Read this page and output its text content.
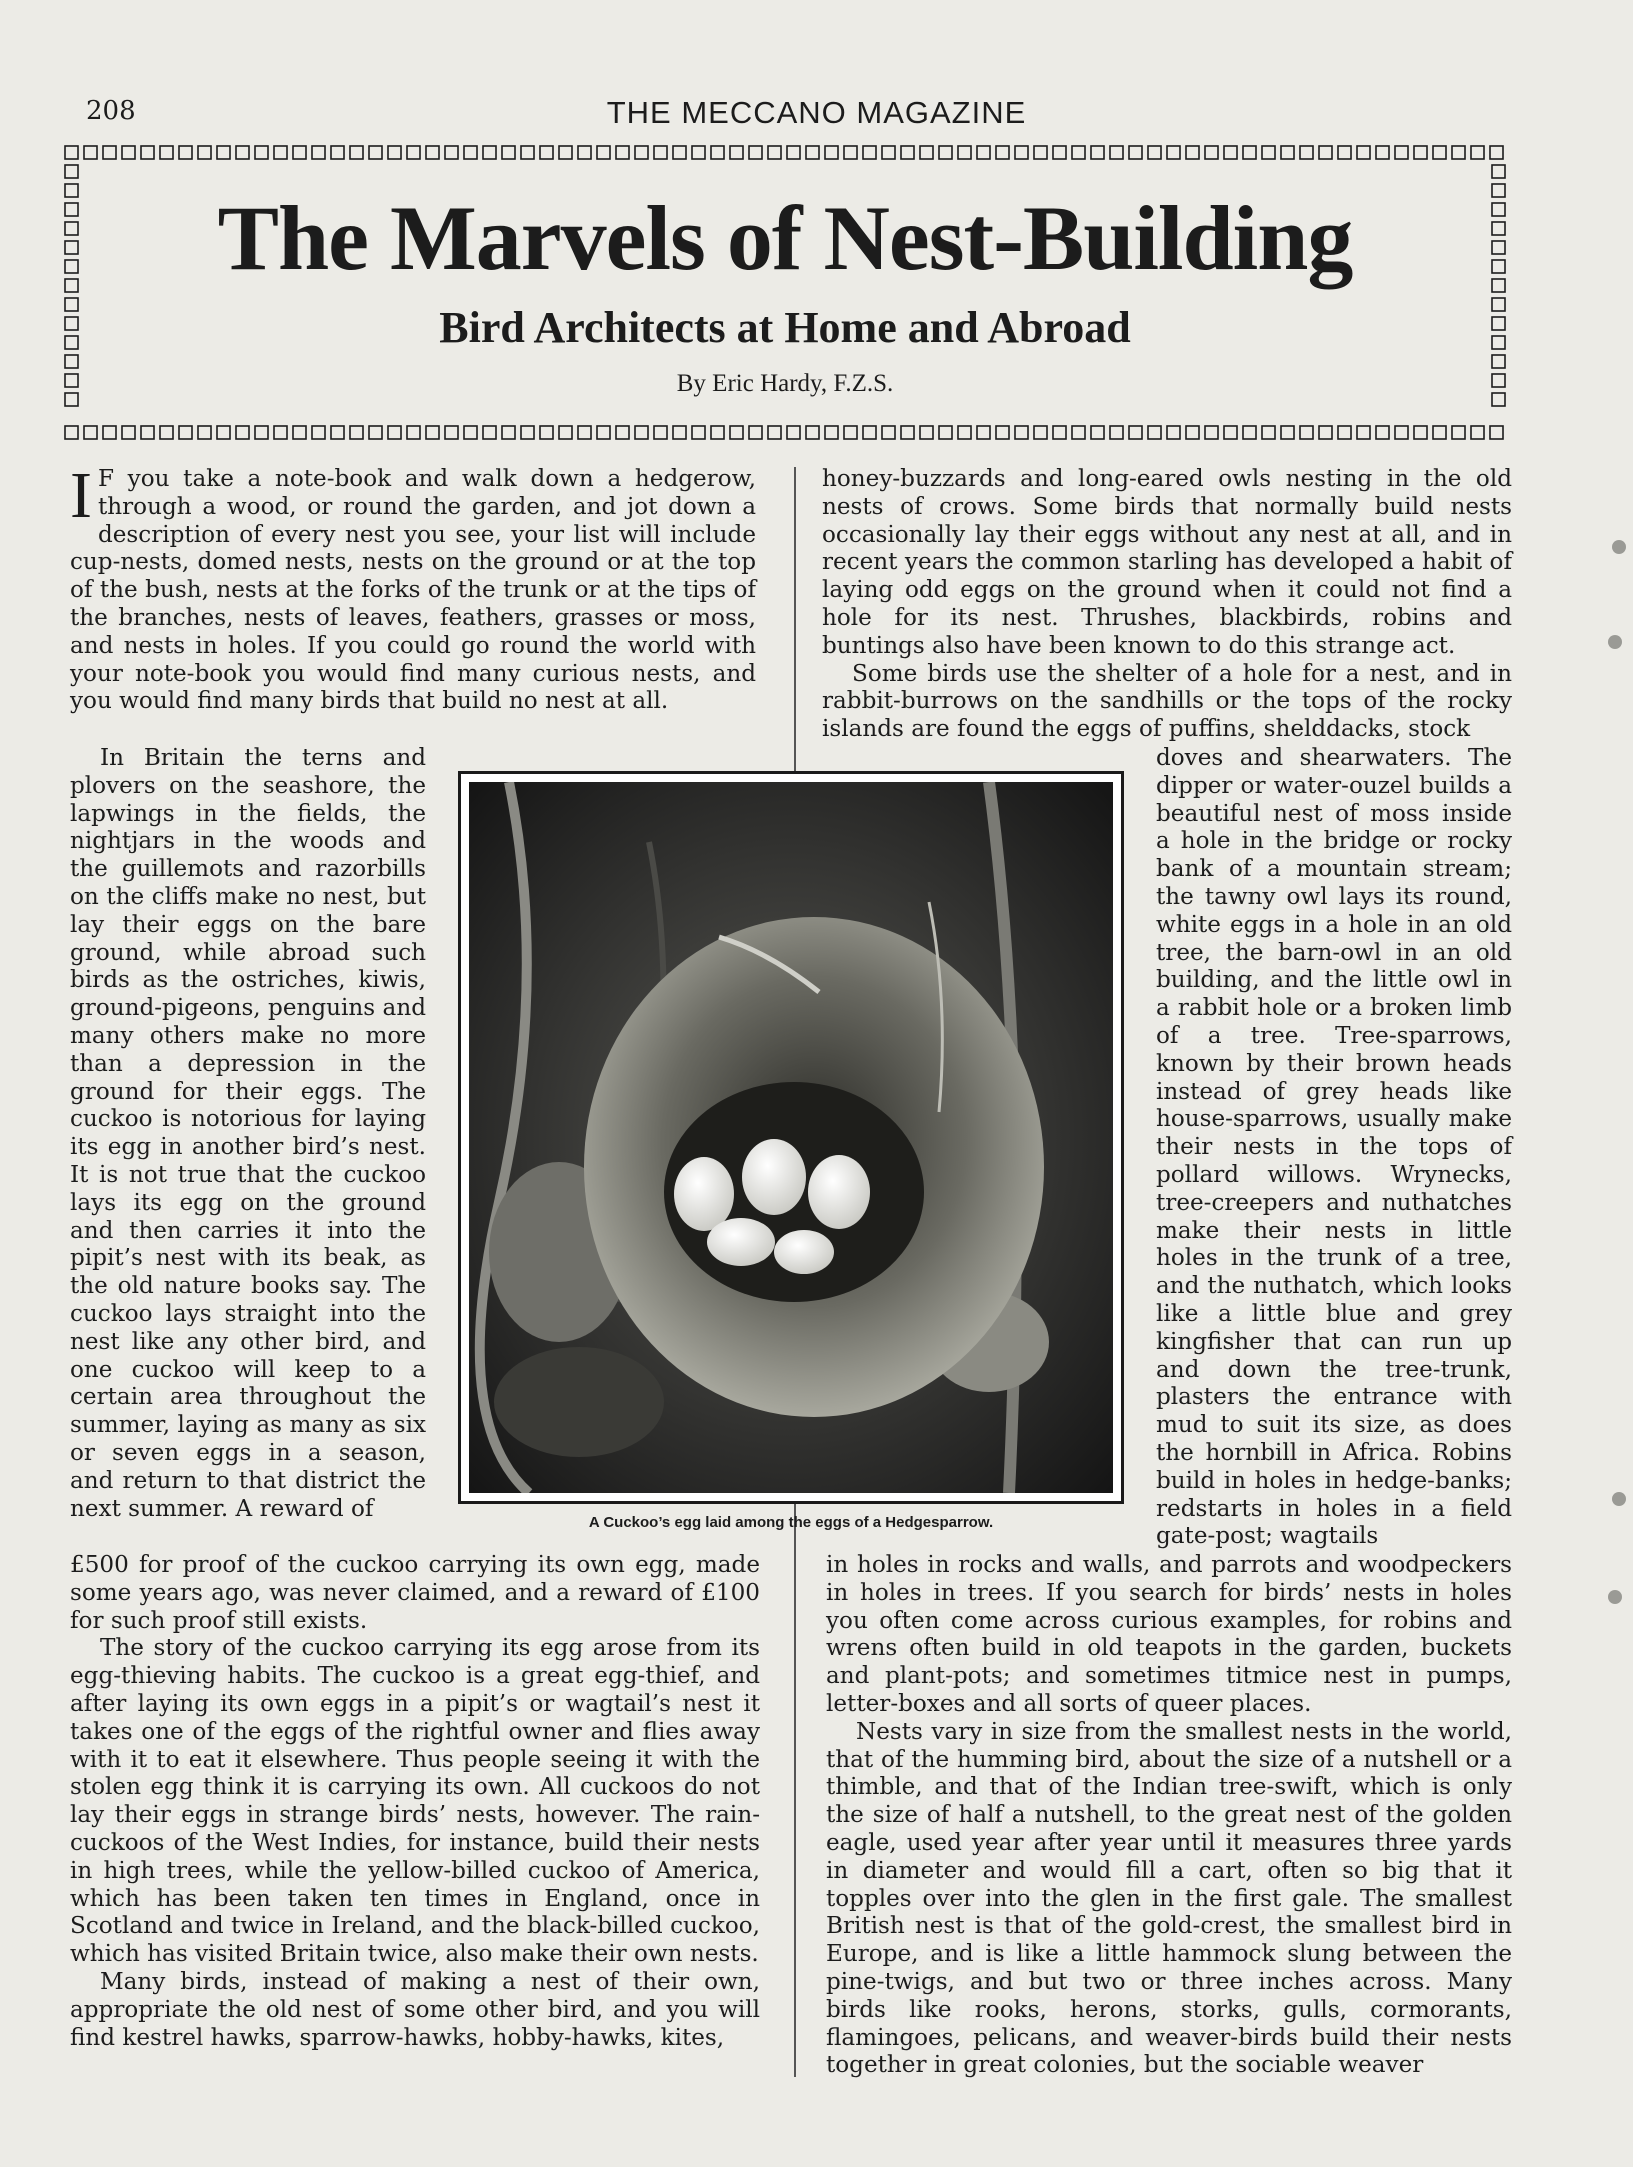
208	THE MECCANO MAGAZINE
The Marvels of Nest-Building
Bird Architects at Home and Abroad
By Eric Hardy, F.Z.S.

I F you take a note-book and walk down a hedgerow, through a wood, or round the garden, and jot down a description of every nest you see, your list will include cup-nests, domed nests, nests on the ground or at the top of the bush, nests at the forks of the trunk or at the tips of the branches, nests of leaves, feathers, grasses or moss, and nests in holes. If you could go round the world with your note-book you would find many curious nests, and you would find many birds that build no nest at all.

In Britain the terns and plovers on the seashore, the lapwings in the fields, the nightjars in the woods and the guillemots and razorbills on the cliffs make no nest, but lay their eggs on the bare ground, while abroad such birds as the ostriches, kiwis, ground-pigeons, penguins and many others make no more than a depression in the ground for their eggs. The cuckoo is notorious for laying its egg in another bird’s nest. It is not true that the cuckoo lays its egg on the ground and then carries it into the pipit’s nest with its beak, as the old nature books say. The cuckoo lays straight into the nest like any other bird, and one cuckoo will keep to a certain area throughout the summer, laying as many as six or seven eggs in a season, and return to that district the next summer. A reward of

£500 for proof of the cuckoo carrying its own egg, made some years ago, was never claimed, and a reward of £100 for such proof still exists.

The story of the cuckoo carrying its egg arose from its egg-thieving habits. The cuckoo is a great egg-thief, and after laying its own eggs in a pipit’s or wagtail’s nest it takes one of the eggs of the rightful owner and flies away with it to eat it elsewhere. Thus people seeing it with the stolen egg think it is carrying its own. All cuckoos do not lay their eggs in strange birds’ nests, however. The rain-cuckoos of the West Indies, for instance, build their nests in high trees, while the yellow-billed cuckoo of America, which has been taken ten times in England, once in Scotland and twice in Ireland, and the black-billed cuckoo, which has visited Britain twice, also make their own nests.

Many birds, instead of making a nest of their own, appropriate the old nest of some other bird, and you will find kestrel hawks, sparrow-hawks, hobby-hawks, kites,

honey-buzzards and long-eared owls nesting in the old nests of crows. Some birds that normally build nests occasionally lay their eggs without any nest at all, and in recent years the common starling has developed a habit of laying odd eggs on the ground when it could not find a hole for its nest. Thrushes, blackbirds, robins and buntings also have been known to do this strange act.

Some birds use the shelter of a hole for a nest, and in rabbit-burrows on the sandhills or the tops of the rocky islands are found the eggs of puffins, shelddacks, stock

doves and shearwaters. The dipper or water-ouzel builds a beautiful nest of moss inside a hole in the bridge or rocky bank of a mountain stream; the tawny owl lays its round, white eggs in a hole in an old tree, the barn-owl in an old building, and the little owl in a rabbit hole or a broken limb of a tree. Tree-sparrows, known by their brown heads instead of grey heads like house-sparrows, usually make their nests in the tops of pollard willows. Wrynecks, tree-creepers and nuthatches make their nests in little holes in the trunk of a tree, and the nuthatch, which looks like a little blue and grey kingfisher that can run up and down the tree-trunk, plasters the entrance with mud to suit its size, as does the hornbill in Africa. Robins build in holes in hedge-banks; redstarts in holes in a field gate-post; wagtails

in holes in rocks and walls, and parrots and woodpeckers in holes in trees. If you search for birds’ nests in holes you often come across curious examples, for robins and wrens often build in old teapots in the garden, buckets and plant-pots; and sometimes titmice nest in pumps, letter-boxes and all sorts of queer places.

Nests vary in size from the smallest nests in the world, that of the humming bird, about the size of a nutshell or a thimble, and that of the Indian tree-swift, which is only the size of half a nutshell, to the great nest of the golden eagle, used year after year until it measures three yards in diameter and would fill a cart, often so big that it topples over into the glen in the first gale. The smallest British nest is that of the gold-crest, the smallest bird in Europe, and is like a little hammock slung between the pine-twigs, and but two or three inches across. Many birds like rooks, herons, storks, gulls, cormorants, flamingoes, pelicans, and weaver-birds build their nests together in great colonies, but the sociable weaver

A Cuckoo’s egg laid among the eggs of a Hedgesparrow.
